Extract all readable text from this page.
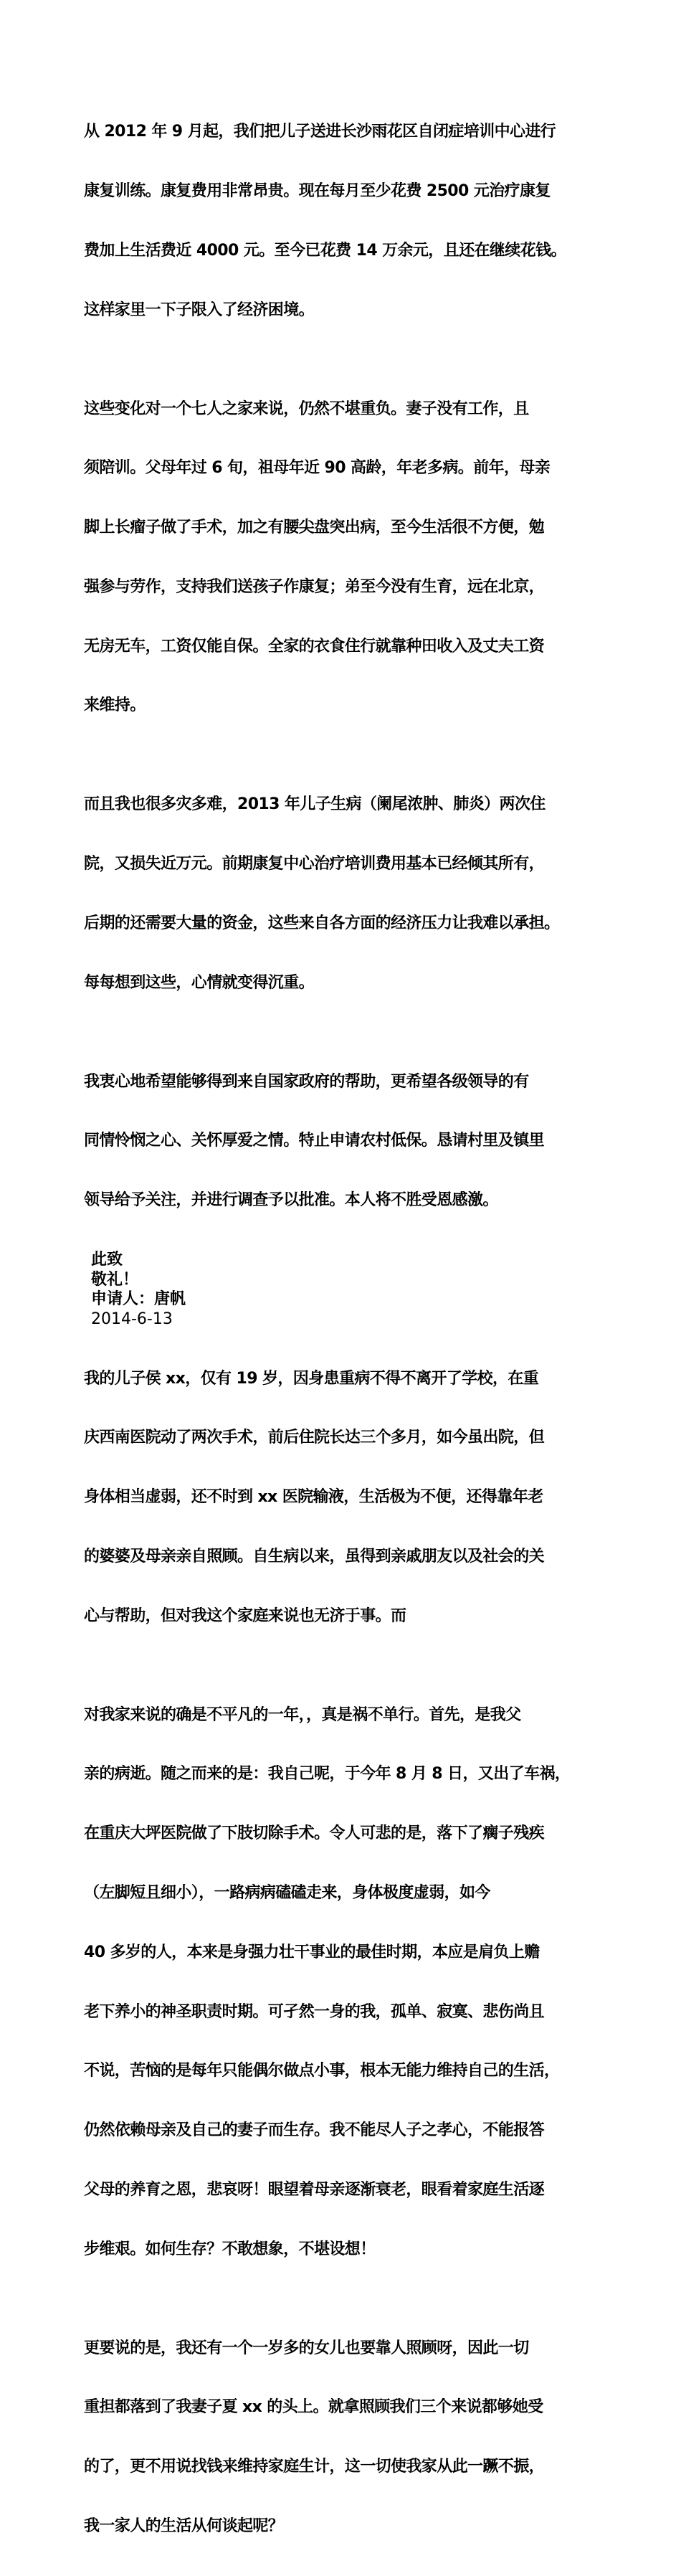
从 2012 年 9 月起，我们把儿子送进长沙雨花区自闭症培训中心进行

康复训练。康复费用非常昂贵。现在每月至少花费 2500 元治疗康复

费加上生活费近 4000 元。至今已花费 14 万余元，且还在继续花钱。

这样家里一下子限入了经济困境。

这些变化对一个七人之家来说，仍然不堪重负。妻子没有工作，且

须陪训。父母年过 6 旬，祖母年近 90 高龄，年老多病。前年，母亲

脚上长瘤子做了手术，加之有腰尖盘突出病，至今生活很不方便，勉

强参与劳作，支持我们送孩子作康复；弟至今没有生育，远在北京，

无房无车，工资仅能自保。全家的衣食住行就靠种田收入及丈夫工资

来维持。

而且我也很多灾多难，2013 年儿子生病（阑尾浓肿、肺炎）两次住

院，又损失近万元。前期康复中心治疗培训费用基本已经倾其所有，

后期的还需要大量的资金，这些来自各方面的经济压力让我难以承担。

每每想到这些，心情就变得沉重。

我衷心地希望能够得到来自国家政府的帮助，更希望各级领导的有

同情怜悯之心、关怀厚爱之情。特止申请农村低保。恳请村里及镇里

领导给予关注，并进行调查予以批准。本人将不胜受恩感激。

此致
敬礼！
申请人：唐帆
2014-6-13

我的儿子侯 xx，仅有 19 岁，因身患重病不得不离开了学校，在重

庆西南医院动了两次手术，前后住院长达三个多月，如今虽出院，但

身体相当虚弱，还不时到 xx 医院输液，生活极为不便，还得靠年老

的婆婆及母亲亲自照顾。自生病以来，虽得到亲戚朋友以及社会的关

心与帮助，但对我这个家庭来说也无济于事。而

对我家来说的确是不平凡的一年，，真是祸不单行。首先，是我父

亲的病逝。随之而来的是：我自己呢，于今年 8 月 8 日，又出了车祸，

在重庆大坪医院做了下肢切除手术。令人可悲的是，落下了瘸子残疾

（左脚短且细小），一路病病磕磕走来，身体极度虚弱，如今

40 多岁的人，本来是身强力壮干事业的最佳时期，本应是肩负上赡

老下养小的神圣职责时期。可孑然一身的我，孤单、寂寞、悲伤尚且

不说，苦恼的是每年只能偶尔做点小事，根本无能力维持自己的生活，

仍然依赖母亲及自己的妻子而生存。我不能尽人子之孝心，不能报答

父母的养育之恩，悲哀呀！眼望着母亲逐渐衰老，眼看着家庭生活逐

步维艰。如何生存？不敢想象，不堪设想！

更要说的是，我还有一个一岁多的女儿也要靠人照顾呀，因此一切

重担都落到了我妻子夏 xx 的头上。就拿照顾我们三个来说都够她受

的了，更不用说找钱来维持家庭生计，这一切使我家从此一蹶不振，

我一家人的生活从何谈起呢？
